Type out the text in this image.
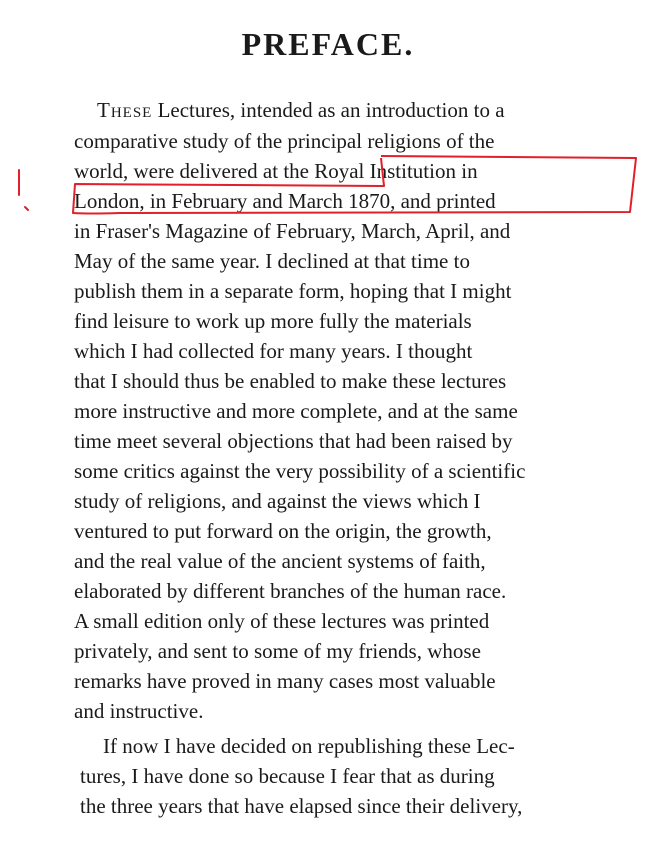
PREFACE.
These Lectures, intended as an introduction to a
comparative study of the principal religions of the
world, were delivered at the Royal Institution in
London, in February and March 1870, and printed
in Fraser's Magazine of February, March, April, and
May of the same year. I declined at that time to
publish them in a separate form, hoping that I might
find leisure to work up more fully the materials
which I had collected for many years. I thought
that I should thus be enabled to make these lectures
more instructive and more complete, and at the same
time meet several objections that had been raised by
some critics against the very possibility of a scientific
study of religions, and against the views which I
ventured to put forward on the origin, the growth,
and the real value of the ancient systems of faith,
elaborated by different branches of the human race.
A small edition only of these lectures was printed
privately, and sent to some of my friends, whose
remarks have proved in many cases most valuable
and instructive.
If now I have decided on republishing these Lec-
tures, I have done so because I fear that as during
the three years that have elapsed since their delivery,
